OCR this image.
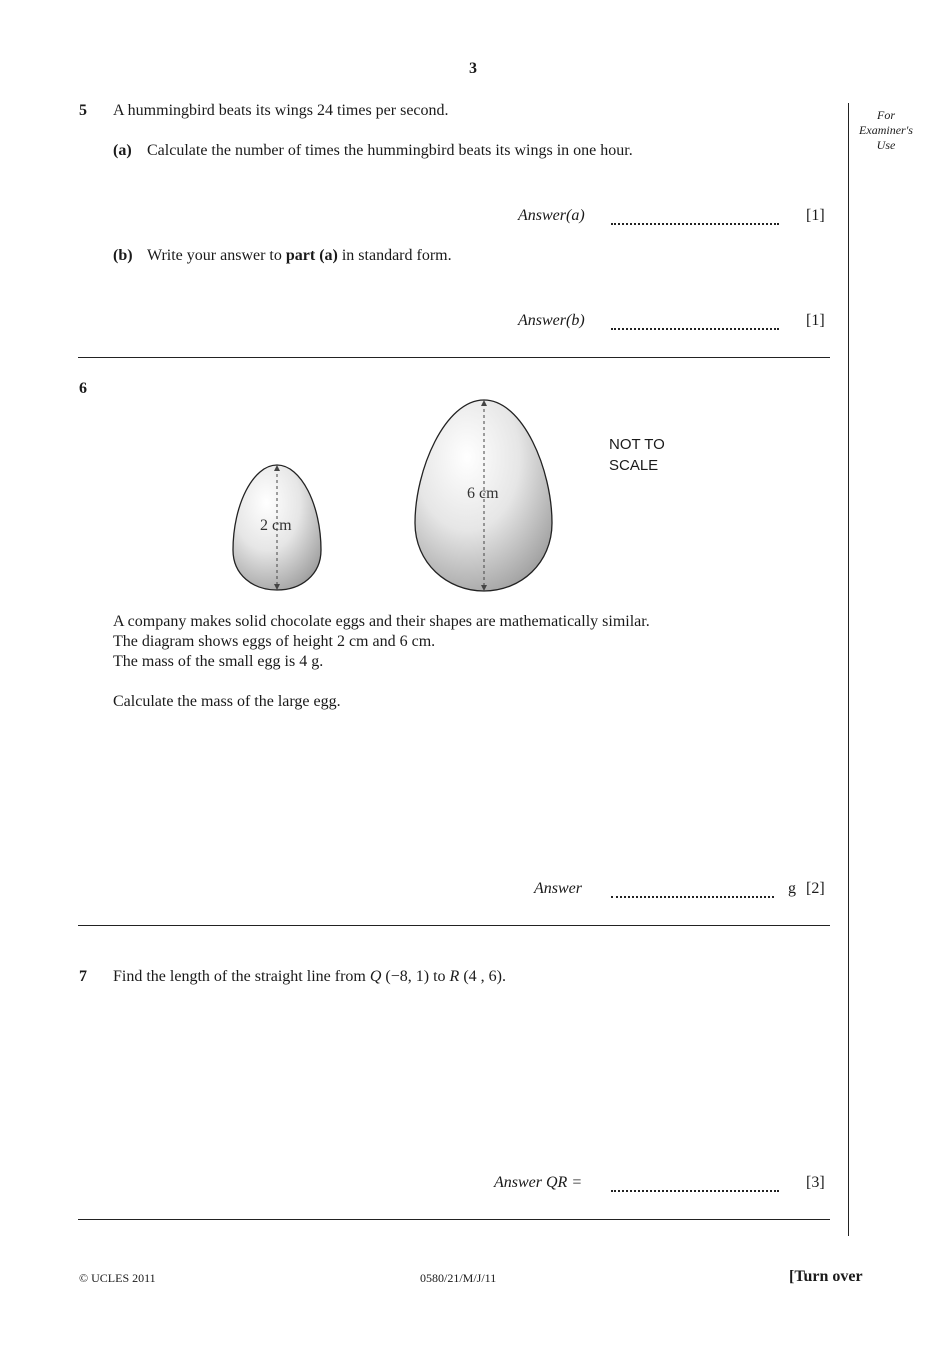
3
For
Examiner's
Use
5 A hummingbird beats its wings 24 times per second.
(a) Calculate the number of times the hummingbird beats its wings in one hour.
Answer(a)	[1]
(b) Write your answer to part (a) in standard form.
Answer(b)	[1]
6
2 cm
6 cm
NOT TO
SCALE
A company makes solid chocolate eggs and their shapes are mathematically similar.
The diagram shows eggs of height 2 cm and 6 cm.
The mass of the small egg is 4 g.
Calculate the mass of the large egg.
Answer	g [2]
7 Find the length of the straight line from Q (−8, 1) to R (4 , 6).
Answer QR =	[3]
© UCLES 2011	0580/21/M/J/11	[Turn over
